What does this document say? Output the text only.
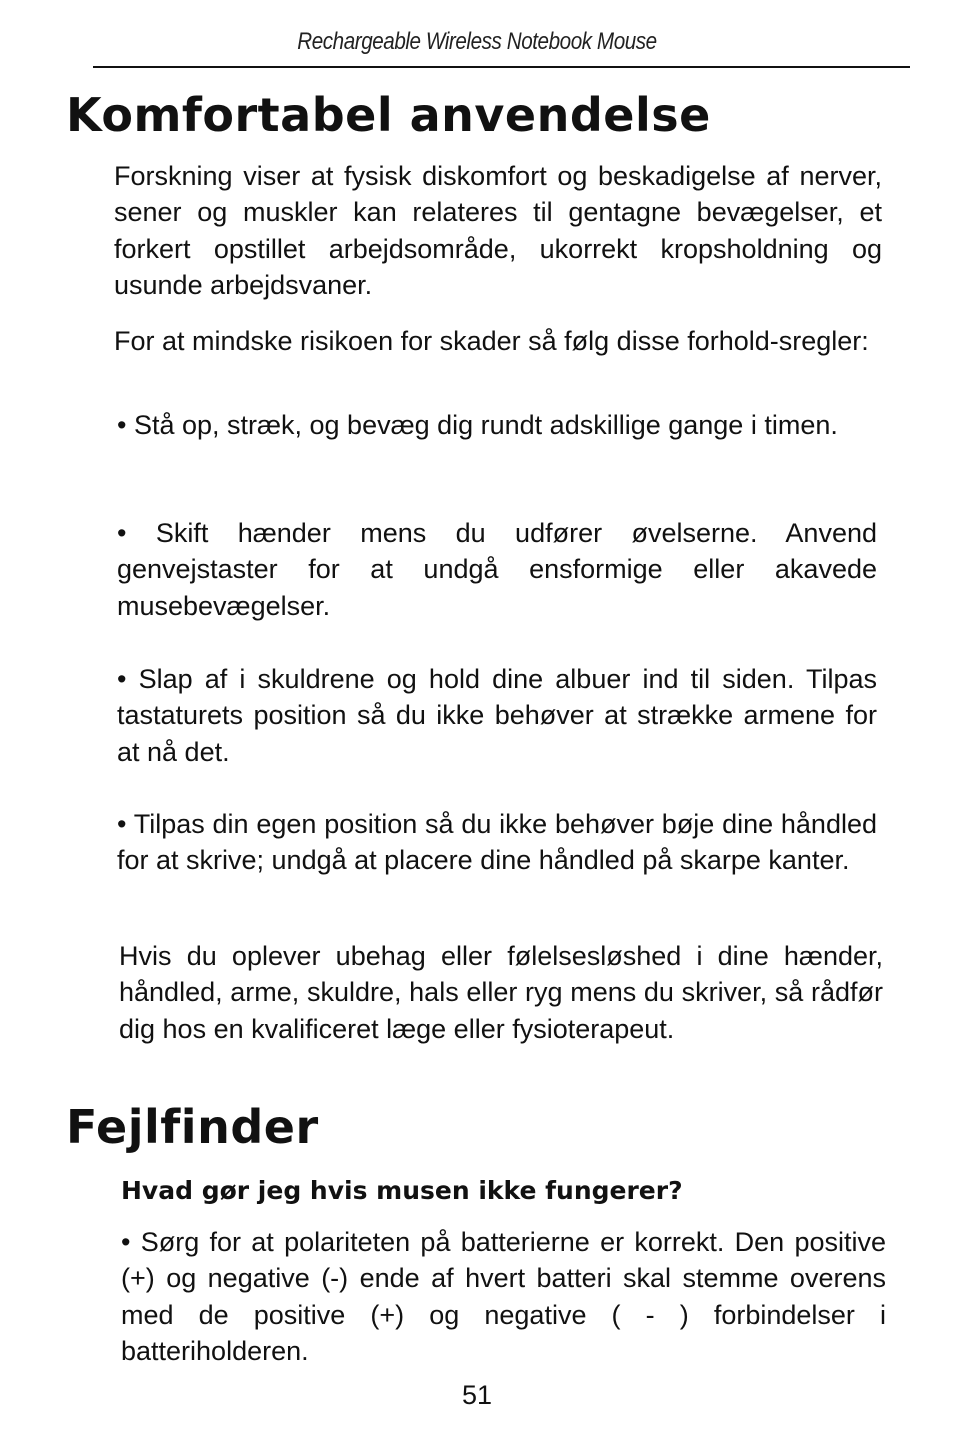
Rechargeable Wireless Notebook Mouse
Komfortabel anvendelse

Forskning viser at fysisk diskomfort og beskadigelse af nerver, sener og muskler kan relateres til gentagne bevægelser, et forkert opstillet arbejdsområde, ukorrekt kropsholdning og usunde arbejdsvaner.

For at mindske risikoen for skader så følg disse forhold-sregler:

• Stå op, stræk, og bevæg dig rundt adskillige gange i timen.

• Skift hænder mens du udfører øvelserne. Anvend genvejstaster for at undgå ensformige eller akavede musebevægelser.

• Slap af i skuldrene og hold dine albuer ind til siden. Tilpas tastaturets position så du ikke behøver at strække armene for at nå det.

• Tilpas din egen position så du ikke behøver bøje dine håndled for at skrive; undgå at placere dine håndled på skarpe kanter.

Hvis du oplever ubehag eller følelsesløshed i dine hænder, håndled, arme, skuldre, hals eller ryg mens du skriver, så rådfør dig hos en kvalificeret læge eller fysioterapeut.

Fejlfinder
Hvad gør jeg hvis musen ikke fungerer?

• Sørg for at polariteten på batterierne er korrekt. Den positive (+) og negative (-) ende af hvert batteri skal stemme overens med de positive (+) og negative ( - ) forbindelser i batteriholderen.

51
